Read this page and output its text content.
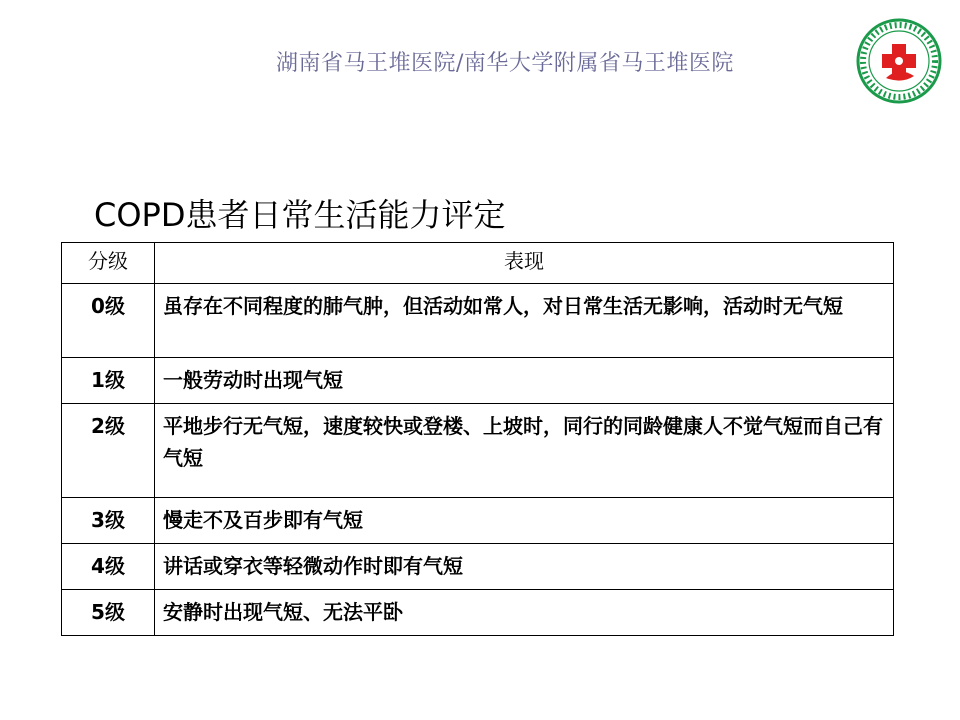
湖南省马王堆医院/南华大学附属省马王堆医院
COPD患者日常生活能力评定
分级	表现
0级	虽存在不同程度的肺气肿，但活动如常人，对日常生活无影响，活动时无气短
1级	一般劳动时出现气短
2级	平地步行无气短，速度较快或登楼、上坡时，同行的同龄健康人不觉气短而自己有气短
3级	慢走不及百步即有气短
4级	讲话或穿衣等轻微动作时即有气短
5级	安静时出现气短、无法平卧
